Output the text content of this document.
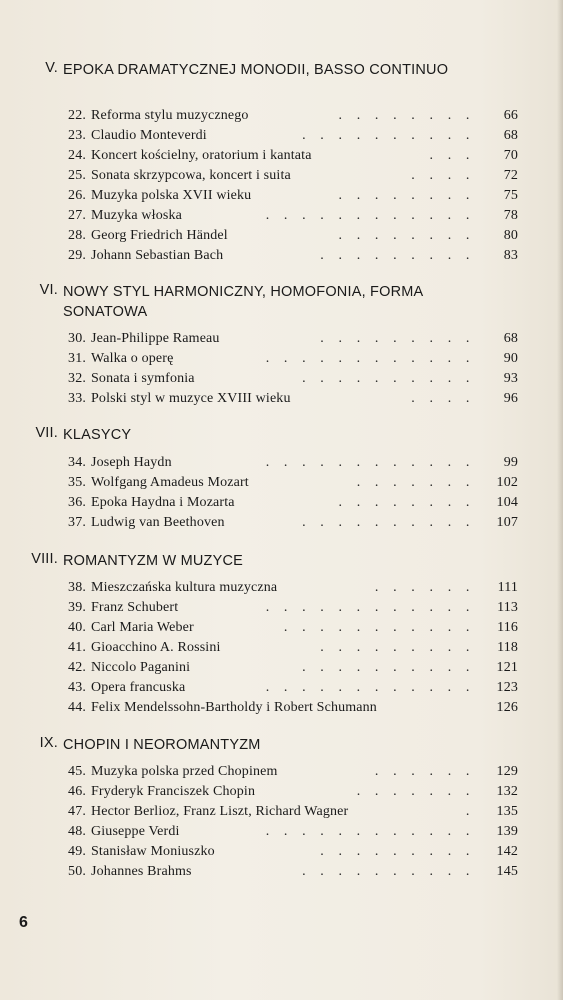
V. EPOKA DRAMATYCZNEJ MONODII, BASSO CONTINUO
22. Reforma stylu muzycznego	. . . . . . . . 66
23. Claudio Monteverdi	. . . . . . . . . . 68
24. Koncert kościelny, oratorium i kantata	. . . 70
25. Sonata skrzypcowa, koncert i suita	. . . . 72
26. Muzyka polska XVII wieku	. . . . . . . . 75
27. Muzyka włoska	. . . . . . . . . . . . 78
28. Georg Friedrich Händel	. . . . . . . . 80
29. Johann Sebastian Bach	. . . . . . . . . 83
VI. NOWY STYL HARMONICZNY, HOMOFONIA, FORMA SONATOWA
30. Jean-Philippe Rameau	. . . . . . . . . 68
31. Walka o operę	. . . . . . . . . . . . 90
32. Sonata i symfonia	. . . . . . . . . . 93
33. Polski styl w muzyce XVIII wieku	. . . . 96
VII. KLASYCY
34. Joseph Haydn	. . . . . . . . . . . . 99
35. Wolfgang Amadeus Mozart	. . . . . . . 102
36. Epoka Haydna i Mozarta	. . . . . . . . 104
37. Ludwig van Beethoven	. . . . . . . . . . 107
VIII. ROMANTYZM W MUZYCE
38. Mieszczańska kultura muzyczna	. . . . . . 111
39. Franz Schubert	. . . . . . . . . . . . 113
40. Carl Maria Weber	. . . . . . . . . . . 116
41. Gioacchino A. Rossini	. . . . . . . . . 118
42. Niccolo Paganini	. . . . . . . . . . 121
43. Opera francuska	. . . . . . . . . . . . 123
44. Felix Mendelssohn-Bartholdy i Robert Schumann	126
IX. CHOPIN I NEOROMANTYZM
45. Muzyka polska przed Chopinem	. . . . . . 129
46. Fryderyk Franciszek Chopin	. . . . . . . 132
47. Hector Berlioz, Franz Liszt, Richard Wagner	. 135
48. Giuseppe Verdi	. . . . . . . . . . . . 139
49. Stanisław Moniuszko	. . . . . . . . . 142
50. Johannes Brahms	. . . . . . . . . . 145
6
